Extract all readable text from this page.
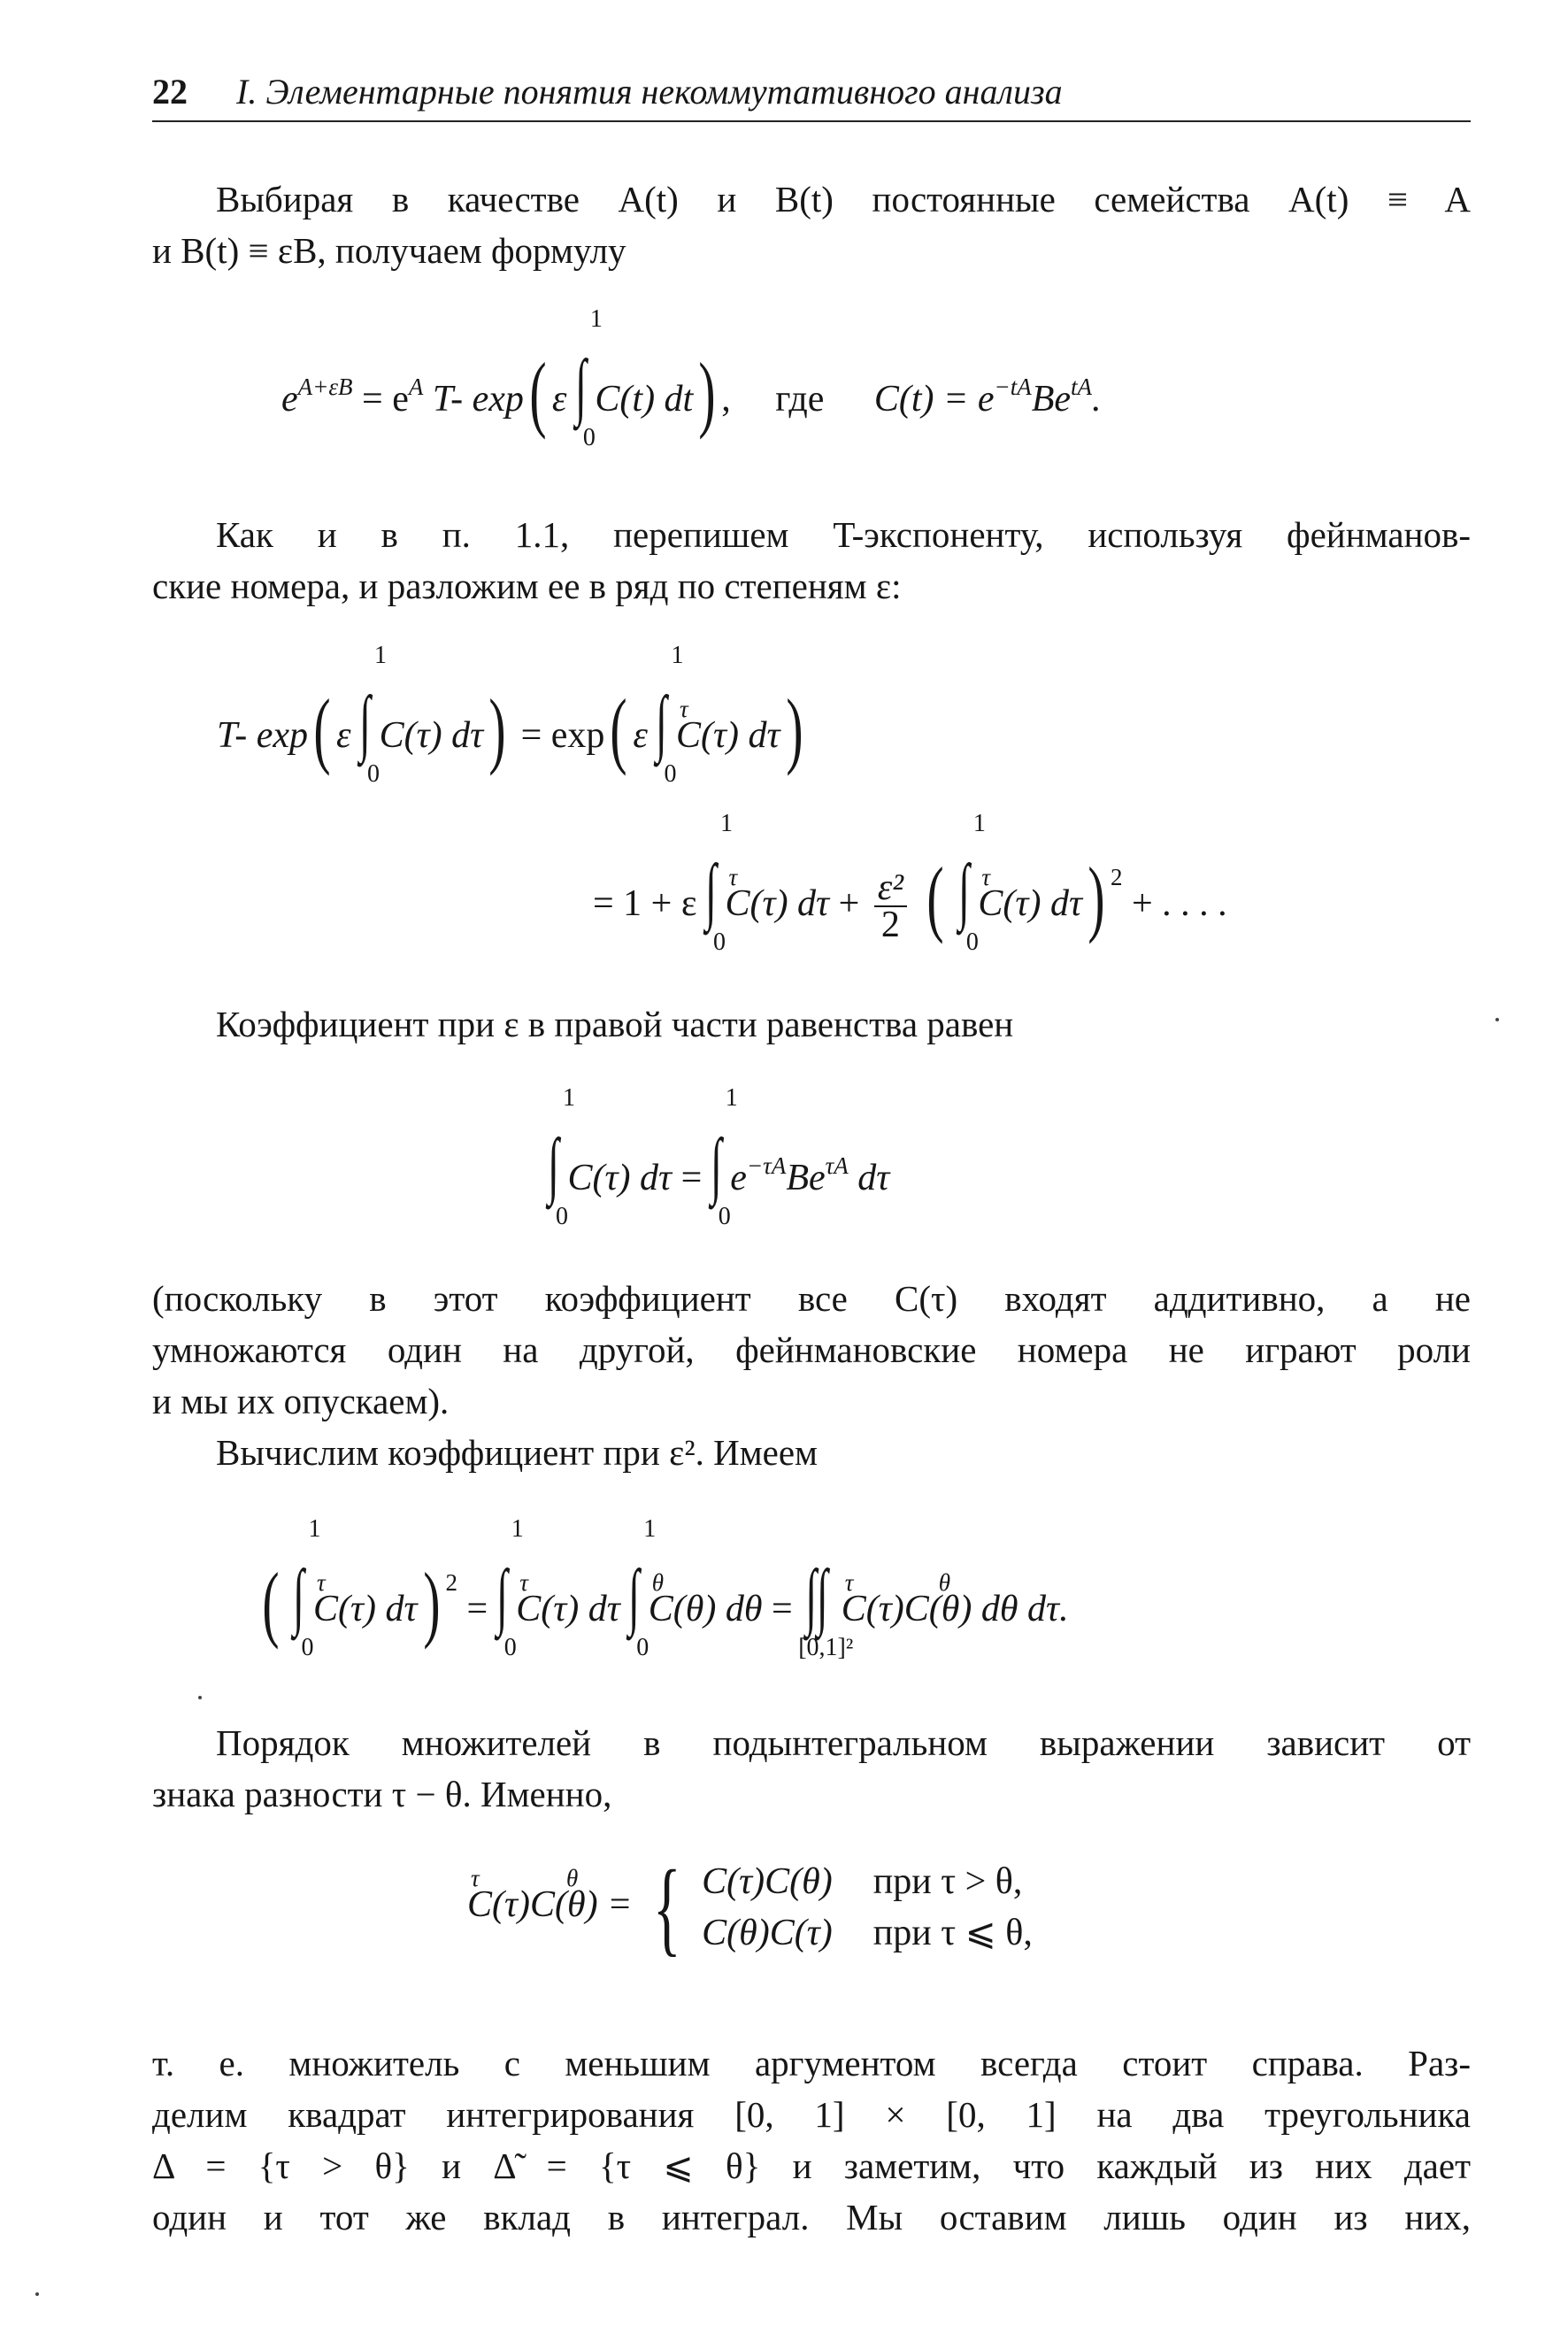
22 I. Элементарные понятия некоммутативного анализа
Выбирая в качестве A(t) и B(t) постоянные семейства A(t) ≡ A
и B(t) ≡ εB, получаем формулу
$e^{A+\varepsilon B} = e^A$ T- exp( ε ∫
1
0
C(t) dt) , где $C(t) = e^{-tA}Be^{tA}$.
Как и в п. 1.1, перепишем T-экспоненту, используя фейнманов-
ские номера, и разложим ее в ряд по степеням ε:
T- exp( ε ∫
1
0
C(τ) dτ) = exp( ε ∫
1
0

τ
C(τ) dτ)
= 1 + ε ∫
1
0

τ
C(τ) $d\tau + \frac{\text{ε²}}{2}$ ( ∫
1
0

τ
C(τ) dτ) $^2$ + . . . .
Коэффициент при ε в правой части равенства равен
∫
1
0
C(τ) dτ = ∫
1
0
$e^{-\tau A}Be^{\tau A}$ dτ
(поскольку в этот коэффициент все C(τ) входят аддитивно, а не
умножаются один на другой, фейнмановские номера не играют роли
и мы их опускаем).
Вычислим коэффициент при ε². Имеем
( ∫
1
0

τ
C(τ) dτ) $^2$ = ∫
1
0

τ
C(τ) dτ ∫
1
0

θ
C(θ) dθ = ∫∫
[0,1]²

τ	θ
C(τ)C(θ) dθ dτ.
Порядок множителей в подынтегральном выражении зависит от
знака разности τ − θ. Именно,
τ	θ
C(τ)C(θ) = { C(τ)C(θ) при τ > θ,
C(θ)C(τ) при τ ⩽ θ,
т. е. множитель с меньшим аргументом всегда стоит справа. Раз-
делим квадрат интегрирования [0, 1] × [0, 1] на два треугольника
Δ = {τ > θ} и Δ̃ = {τ ⩽ θ} и заметим, что каждый из них дает
один и тот же вклад в интеграл. Мы оставим лишь один из них,
